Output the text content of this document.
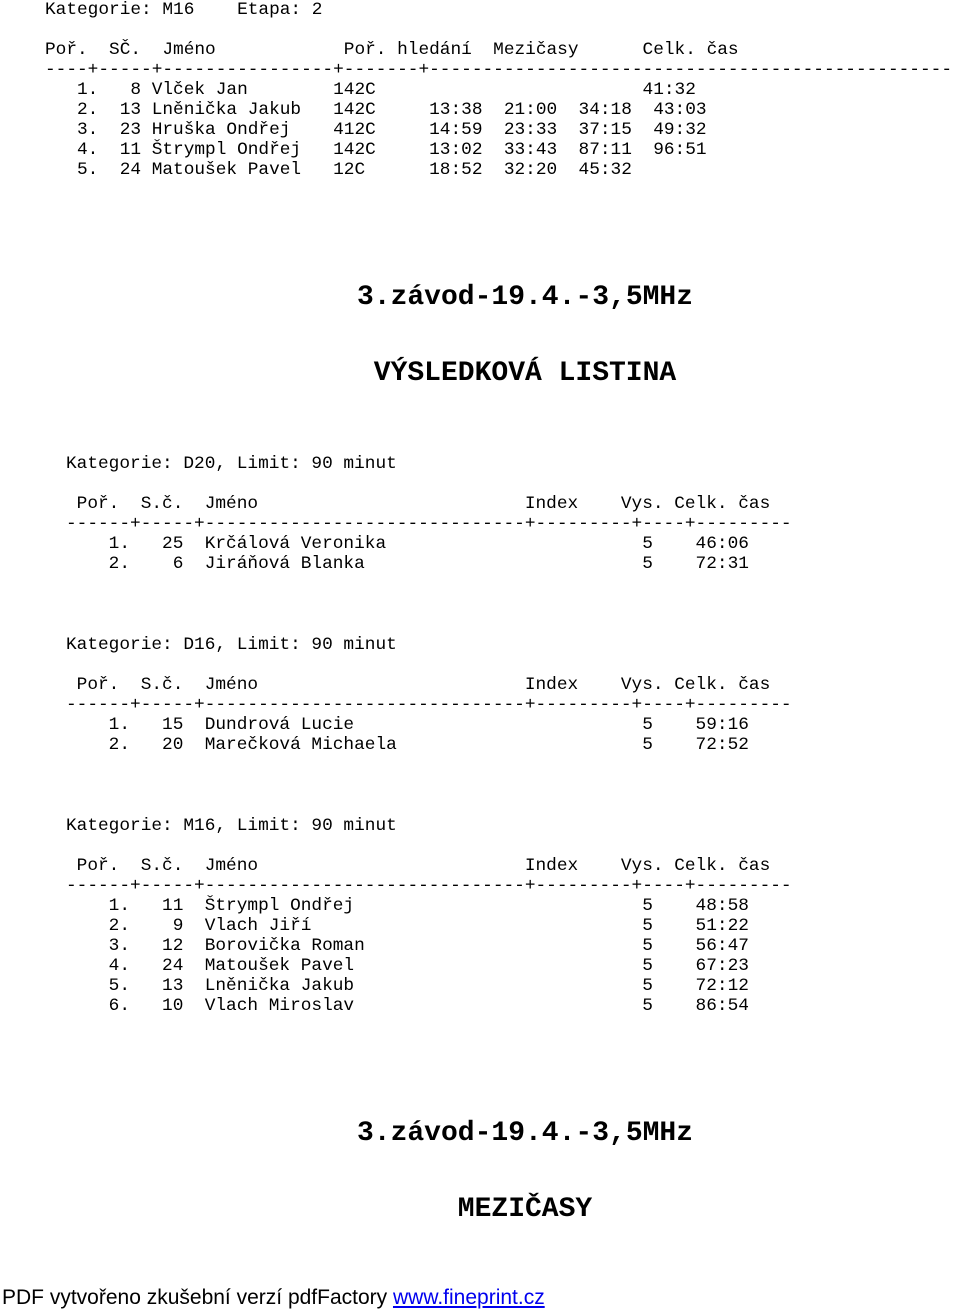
Kategorie: M16    Etapa: 2

Poř.  SČ.  Jméno            Poř. hledání  Mezičasy      Celk. čas
----+-----+----------------+-------+-------------------------------------------------
1.   8 Vlček Jan        142C                         41:32
2.  13 Lněnička Jakub   142C     13:38  21:00  34:18  43:03
3.  23 Hruška Ondřej    412C     14:59  23:33  37:15  49:32
4.  11 Štrympl Ondřej   142C     13:02  33:43  87:11  96:51
5.  24 Matoušek Pavel   12C      18:52  32:20  45:32
3.závod-19.4.-3,5MHz
VÝSLEDKOVÁ LISTINA
Kategorie: D20, Limit: 90 minut

Poř.  S.č.  Jméno                         Index    Vys. Celk. čas
------+-----+------------------------------+---------+----+---------
1.   25  Krčálová Veronika                        5    46:06
2.    6  Jiráňová Blanka                          5    72:31
Kategorie: D16, Limit: 90 minut

Poř.  S.č.  Jméno                         Index    Vys. Celk. čas
------+-----+------------------------------+---------+----+---------
1.   15  Dundrová Lucie                           5    59:16
2.   20  Marečková Michaela                       5    72:52
Kategorie: M16, Limit: 90 minut

Poř.  S.č.  Jméno                         Index    Vys. Celk. čas
------+-----+------------------------------+---------+----+---------
1.   11  Štrympl Ondřej                           5    48:58
2.    9  Vlach Jiří                               5    51:22
3.   12  Borovička Roman                          5    56:47
4.   24  Matoušek Pavel                           5    67:23
5.   13  Lněnička Jakub                           5    72:12
6.   10  Vlach Miroslav                           5    86:54
3.závod-19.4.-3,5MHz
MEZIČASY
PDF vytvořeno zkušební verzí pdfFactory www.fineprint.cz
